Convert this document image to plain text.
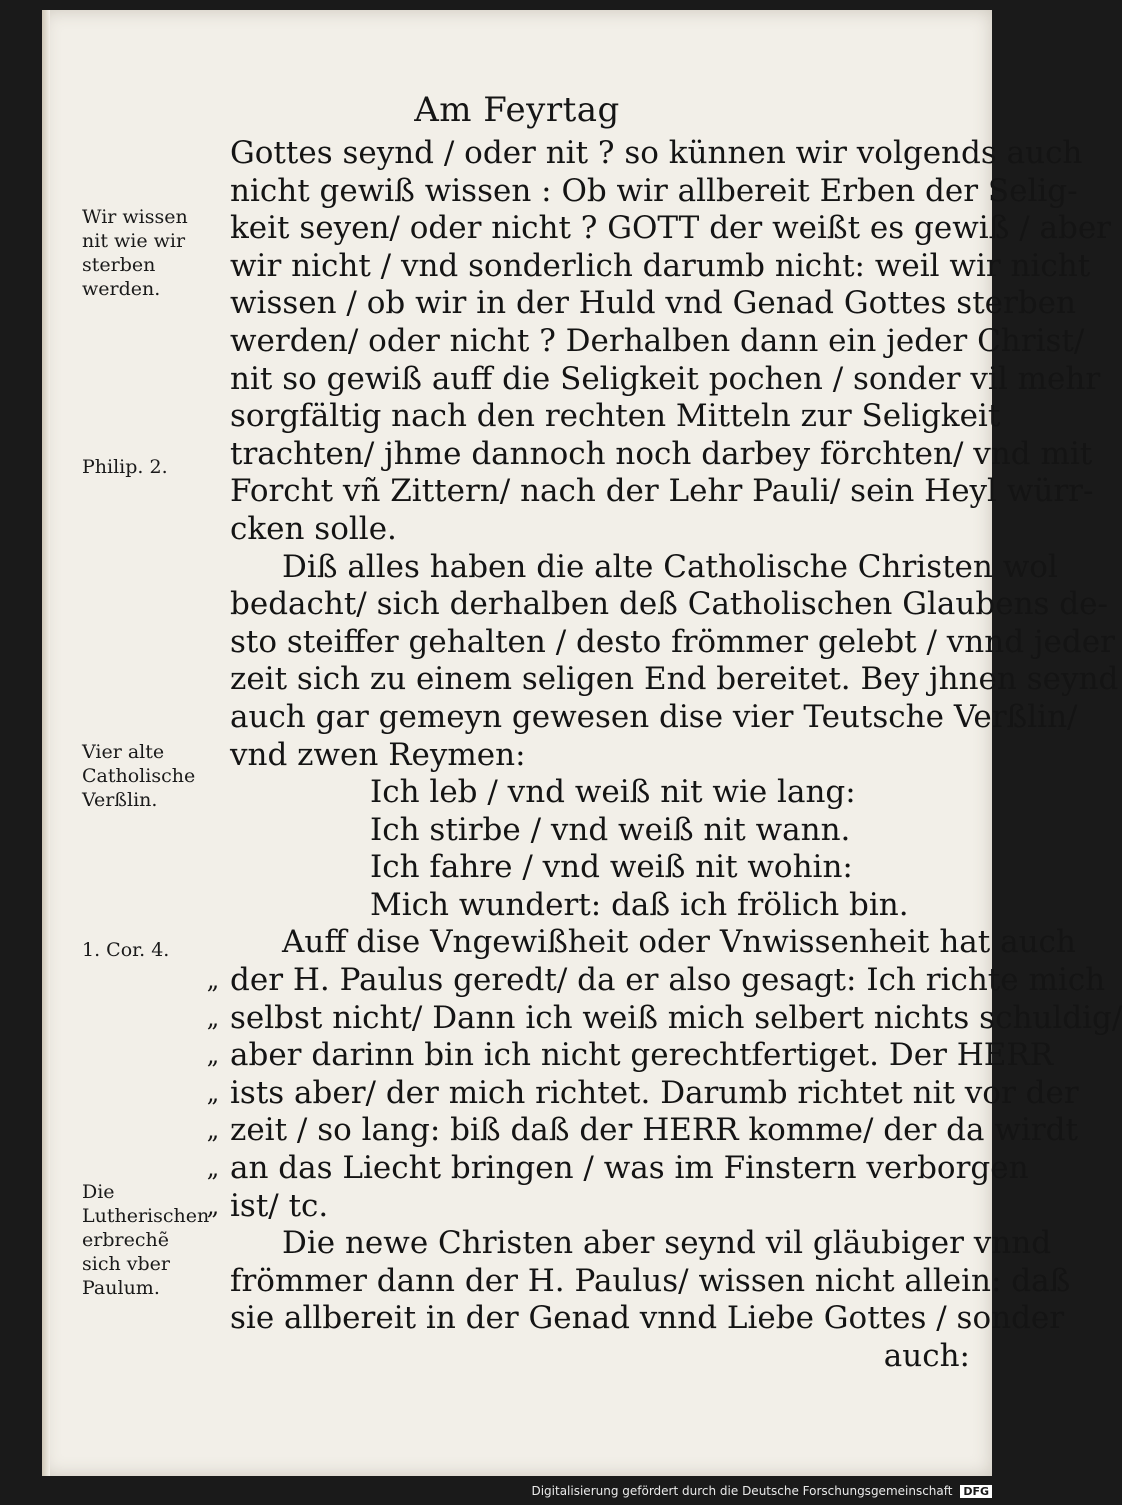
Am Feyrtag
Wir wissen nit wie wir sterben werden.
Philip. 2.
Vier alte Catholische Verßlin.
1. Cor. 4.
Die Lutherischen erbrechẽ sich vber Paulum.
Gottes seynd / oder nit ? so künnen wir volgends auch
nicht gewiß wissen : Ob wir allbereit Erben der Selig-
keit seyen/ oder nicht ? GOTT der weißt es gewiß / aber
wir nicht / vnd sonderlich darumb nicht: weil wir nicht
wissen / ob wir in der Huld vnd Genad Gottes sterben
werden/ oder nicht ? Derhalben dann ein jeder Christ/
nit so gewiß auff die Seligkeit pochen / sonder vil mehr
sorgfältig nach den rechten Mitteln zur Seligkeit
trachten/ jhme dannoch noch darbey förchten/ vnd mit
Forcht vñ Zittern/ nach der Lehr Pauli/ sein Heyl würr-
cken solle.
Diß alles haben die alte Catholische Christen wol
bedacht/ sich derhalben deß Catholischen Glaubens de-
sto steiffer gehalten / desto frömmer gelebt / vnnd jeder
zeit sich zu einem seligen End bereitet. Bey jhnen seynd
auch gar gemeyn gewesen dise vier Teutsche Verßlin/
vnd zwen Reymen:
Ich leb / vnd weiß nit wie lang:
Ich stirbe / vnd weiß nit wann.
Ich fahre / vnd weiß nit wohin:
Mich wundert: daß ich frölich bin.
Auff dise Vngewißheit oder Vnwissenheit hat auch
„ der H. Paulus geredt/ da er also gesagt: Ich richte mich
„ selbst nicht/ Dann ich weiß mich selbert nichts schuldig/
„ aber darinn bin ich nicht gerechtfertiget. Der HERR
„ ists aber/ der mich richtet. Darumb richtet nit vor der
„ zeit / so lang: biß daß der HERR komme/ der da wirdt
„ an das Liecht bringen / was im Finstern verborgen
„ ist/ tc.
Die newe Christen aber seynd vil gläubiger vnnd
frömmer dann der H. Paulus/ wissen nicht allein: daß
sie allbereit in der Genad vnnd Liebe Gottes / sonder
auch:
Digitalisierung gefördert durch die Deutsche Forschungsgemeinschaft DFG
